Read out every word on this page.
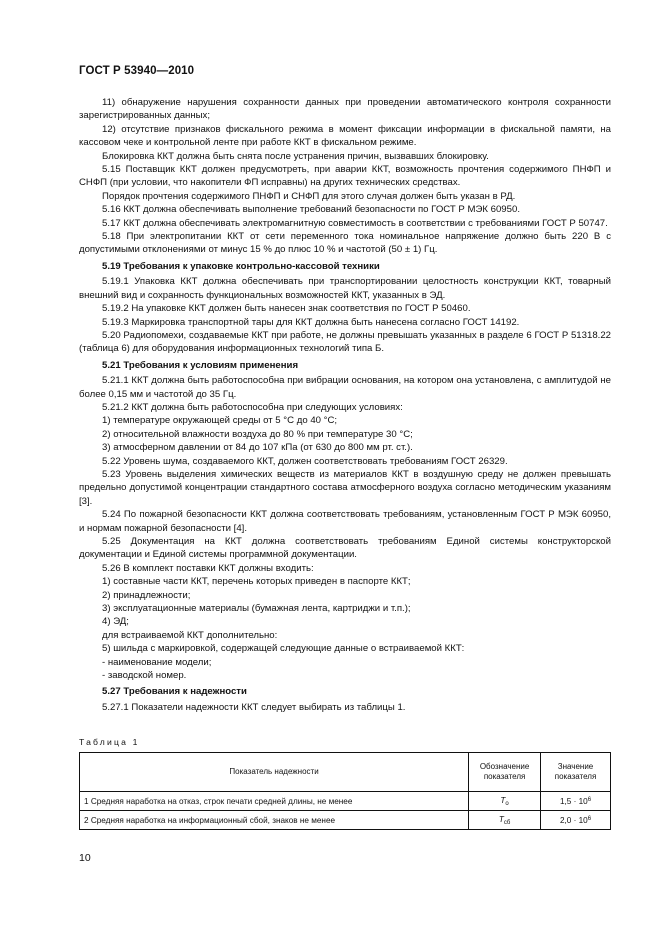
ГОСТ Р 53940—2010

11) обнаружение нарушения сохранности данных при проведении автоматического контроля сохранности зарегистрированных данных;

12) отсутствие признаков фискального режима в момент фиксации информации в фискальной памяти, на кассовом чеке и контрольной ленте при работе ККТ в фискальном режиме.

Блокировка ККТ должна быть снята после устранения причин, вызвавших блокировку.

5.15 Поставщик ККТ должен предусмотреть, при аварии ККТ, возможность прочтения содержимого ПНФП и СНФП (при условии, что накопители ФП исправны) на других технических средствах.

Порядок прочтения содержимого ПНФП и СНФП для этого случая должен быть указан в РД.

5.16 ККТ должна обеспечивать выполнение требований безопасности по ГОСТ Р МЭК 60950.

5.17 ККТ должна обеспечивать электромагнитную совместимость в соответствии с требованиями ГОСТ Р 50747.

5.18 При электропитании ККТ от сети переменного тока номинальное напряжение должно быть 220 В с допустимыми отклонениями от минус 15 % до плюс 10 % и частотой (50 ± 1) Гц.

5.19 Требования к упаковке контрольно-кассовой техники

5.19.1 Упаковка ККТ должна обеспечивать при транспортировании целостность конструкции ККТ, товарный внешний вид и сохранность функциональных возможностей ККТ, указанных в ЭД.

5.19.2 На упаковке ККТ должен быть нанесен знак соответствия по ГОСТ Р 50460.

5.19.3 Маркировка транспортной тары для ККТ должна быть нанесена согласно ГОСТ 14192.

5.20 Радиопомехи, создаваемые ККТ при работе, не должны превышать указанных в разделе 6 ГОСТ Р 51318.22 (таблица 6) для оборудования информационных технологий типа Б.

5.21 Требования к условиям применения

5.21.1 ККТ должна быть работоспособна при вибрации основания, на котором она установлена, с амплитудой не более 0,15 мм и частотой до 35 Гц.

5.21.2 ККТ должна быть работоспособна при следующих условиях:

1) температуре окружающей среды от 5 °С до 40 °С;

2) относительной влажности воздуха до 80 % при температуре 30 °С;

3) атмосферном давлении от 84 до 107 кПа (от 630 до 800 мм рт. ст.).

5.22 Уровень шума, создаваемого ККТ, должен соответствовать требованиям ГОСТ 26329.

5.23 Уровень выделения химических веществ из материалов ККТ в воздушную среду не должен превышать предельно допустимой концентрации стандартного состава атмосферного воздуха согласно методическим указаниям [3].

5.24 По пожарной безопасности ККТ должна соответствовать требованиям, установленным ГОСТ Р МЭК 60950, и нормам пожарной безопасности [4].

5.25 Документация на ККТ должна соответствовать требованиям Единой системы конструкторской документации и Единой системы программной документации.

5.26 В комплект поставки ККТ должны входить:

1) составные части ККТ, перечень которых приведен в паспорте ККТ;

2) принадлежности;

3) эксплуатационные материалы (бумажная лента, картриджи и т.п.);

4) ЭД;

для встраиваемой ККТ дополнительно:

5) шильда с маркировкой, содержащей следующие данные о встраиваемой ККТ:

- наименование модели;

- заводской номер.

5.27 Требования к надежности

5.27.1 Показатели надежности ККТ следует выбирать из таблицы 1.

Таблица 1
Показатель надежности	Обозначение показателя	Значение показателя
1 Средняя наработка на отказ, строк печати средней длины, не менее	$T_о$	$1,5 \cdot 10^6$
2 Средняя наработка на информационный сбой, знаков не менее	$T_{сб}$	$2,0 \cdot 10^6$
10
